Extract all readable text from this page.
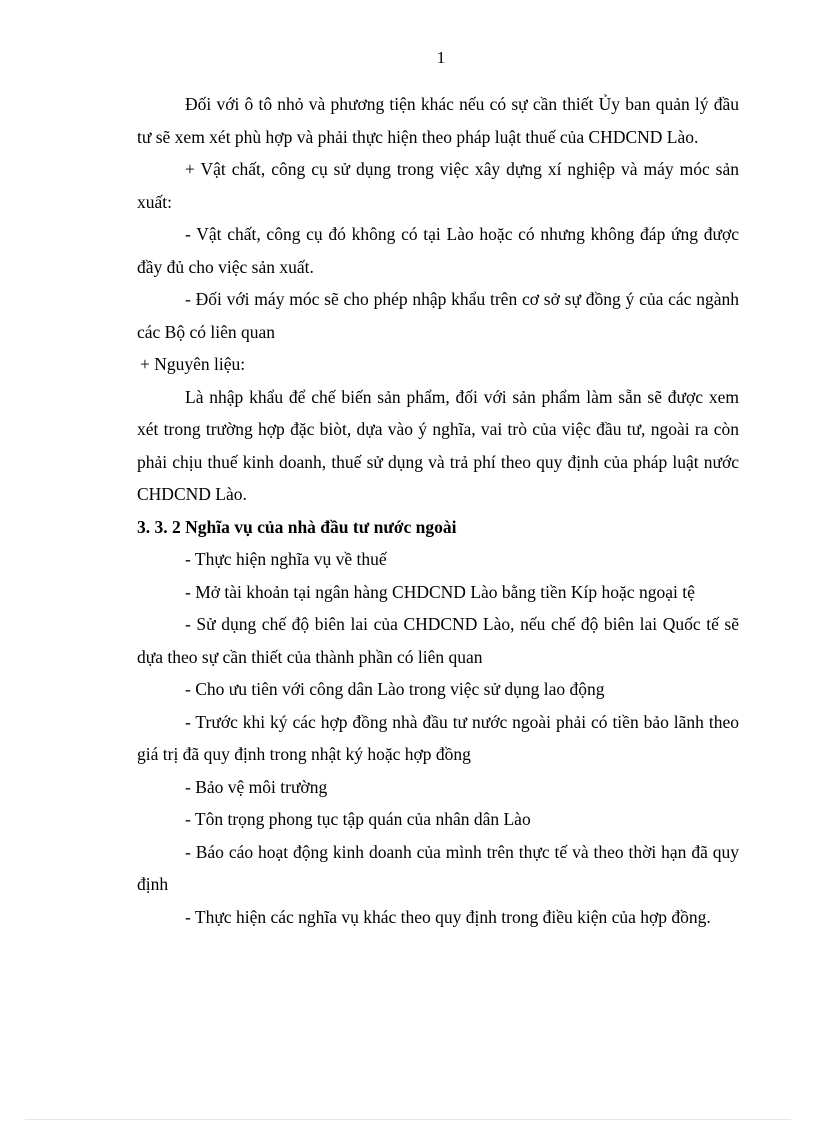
1

Đối với ô tô nhỏ và phương tiện khác nếu có sự cần thiết Ủy ban quản lý đầu tư sẽ xem xét phù hợp và phải thực hiện theo pháp luật thuế của CHDCND Lào.

+ Vật chất, công cụ sử dụng trong việc xây dựng xí nghiệp và máy móc sản xuất:

- Vật chất, công cụ đó không có tại Lào hoặc có nhưng không đáp ứng được đầy đủ cho việc sản xuất.

- Đối với máy móc sẽ cho phép nhập khẩu trên cơ sở sự đồng ý của các ngành các Bộ có liên quan

+ Nguyên liệu:

Là nhập khẩu để chế biến sản phẩm, đối với sản phẩm làm sẵn sẽ được xem xét trong trường hợp đặc biòt, dựa vào ý nghĩa, vai trò của việc đầu tư, ngoài ra còn phải chịu thuế kinh doanh, thuế sử dụng và trả phí theo quy định của pháp luật nước CHDCND Lào.

3. 3. 2 Nghĩa vụ của nhà đầu tư nước ngoài

- Thực hiện nghĩa vụ về thuế

- Mở tài khoản tại ngân hàng CHDCND Lào bằng tiền Kíp hoặc ngoại tệ

- Sử dụng chế độ biên lai của CHDCND Lào, nếu chế độ biên lai Quốc tế sẽ dựa theo sự cần thiết của thành phần có liên quan

- Cho ưu tiên với công dân Lào trong việc sử dụng lao động

- Trước khi ký các hợp đồng nhà đầu tư nước ngoài phải có tiền bảo lãnh theo giá trị đã quy định trong nhật ký hoặc hợp đồng

- Bảo vệ môi trường

- Tôn trọng phong tục tập quán của nhân dân Lào

- Báo cáo hoạt động kinh doanh của mình trên thực tế và theo thời hạn đã quy định

- Thực hiện các nghĩa vụ khác theo quy định trong điều kiện của hợp đồng.
